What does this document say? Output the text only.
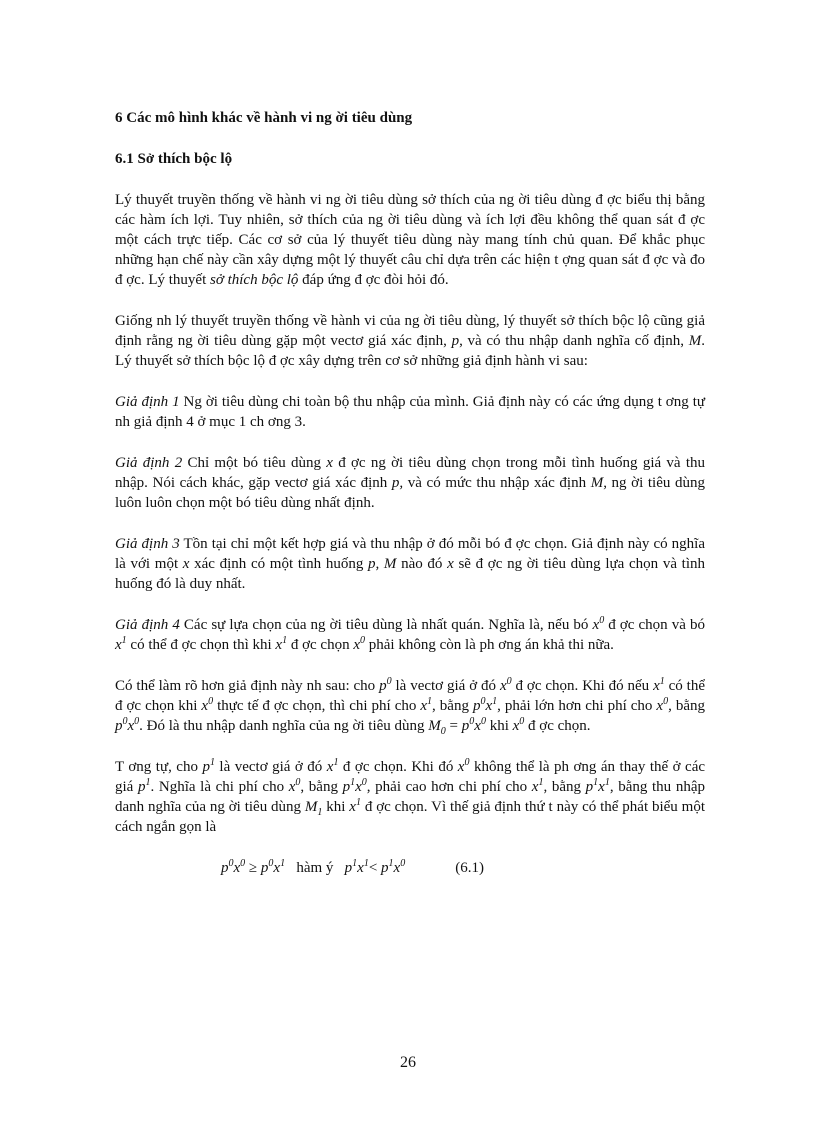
6 Các mô hình khác về hành vi ng ời tiêu dùng
6.1 Sở thích bộc lộ

Lý thuyết truyền thống về hành vi ng ời tiêu dùng sở thích của ng ời tiêu dùng đ ợc biểu thị bằng các hàm ích lợi. Tuy nhiên, sở thích của ng ời tiêu dùng và ích lợi đều không thể quan sát đ ợc một cách trực tiếp. Các cơ sở của lý thuyết tiêu dùng này mang tính chủ quan. Để khắc phục những hạn chế này cần xây dựng một lý thuyết câu chỉ dựa trên các hiện t ợng quan sát đ ợc và đo đ ợc. Lý thuyết sở thích bộc lộ đáp ứng đ ợc đòi hỏi đó.

Giống nh lý thuyết truyền thống về hành vi của ng ời tiêu dùng, lý thuyết sở thích bộc lộ cũng giả định rằng ng ời tiêu dùng gặp một vectơ giá xác định, p, và có thu nhập danh nghĩa cố định, M. Lý thuyết sở thích bộc lộ đ ợc xây dựng trên cơ sở những giả định hành vi sau:

Giả định 1 Ng ời tiêu dùng chi toàn bộ thu nhập của mình. Giả định này có các ứng dụng t ơng tự nh giả định 4 ở mục 1 ch ơng 3.

Giả định 2 Chỉ một bó tiêu dùng x đ ợc ng ời tiêu dùng chọn trong mỗi tình huống giá và thu nhập. Nói cách khác, gặp vectơ giá xác định p, và có mức thu nhập xác định M, ng ời tiêu dùng luôn luôn chọn một bó tiêu dùng nhất định.

Giả định 3 Tồn tại chỉ một kết hợp giá và thu nhập ở đó mỗi bó đ ợc chọn. Giả định này có nghĩa là với một x xác định có một tình huống p, M nào đó x sẽ đ ợc ng ời tiêu dùng lựa chọn và tình huống đó là duy nhất.

Giả định 4 Các sự lựa chọn của ng ời tiêu dùng là nhất quán. Nghĩa là, nếu bó $x^0$ đ ợc chọn và bó $x^1$ có thể đ ợc chọn thì khi $x^1$ đ ợc chọn $x^0$ phải không còn là ph ơng án khả thi nữa.

Có thể làm rõ hơn giả định này nh sau: cho $p^0$ là vectơ giá ở đó $x^0$ đ ợc chọn. Khi đó nếu $x^1$ có thể đ ợc chọn khi $x^0$ thực tế đ ợc chọn, thì chi phí cho $x^1$, bằng $p^0x^1$, phải lớn hơn chi phí cho $x^0$, bằng $p^0x^0$. Đó là thu nhập danh nghĩa của ng ời tiêu dùng $M_0 = p^0x^0$ khi $x^0$ đ ợc chọn.

T ơng tự, cho $p^1$ là vectơ giá ở đó $x^1$ đ ợc chọn. Khi đó $x^0$ không thể là ph ơng án thay thế ở các giá $p^1$. Nghĩa là chi phí cho $x^0$, bằng $p^1x^0$, phải cao hơn chi phí cho $x^1$, bằng $p^1x^1$, bằng thu nhập danh nghĩa của ng ời tiêu dùng $M_1$ khi $x^1$ đ ợc chọn. Vì thế giả định thứ t này có thể phát biểu một cách ngắn gọn là

$p^0x^0 \ge p^0x^1$ hàm ý $p^1x^1< p^1x^0$	(6.1)
26
